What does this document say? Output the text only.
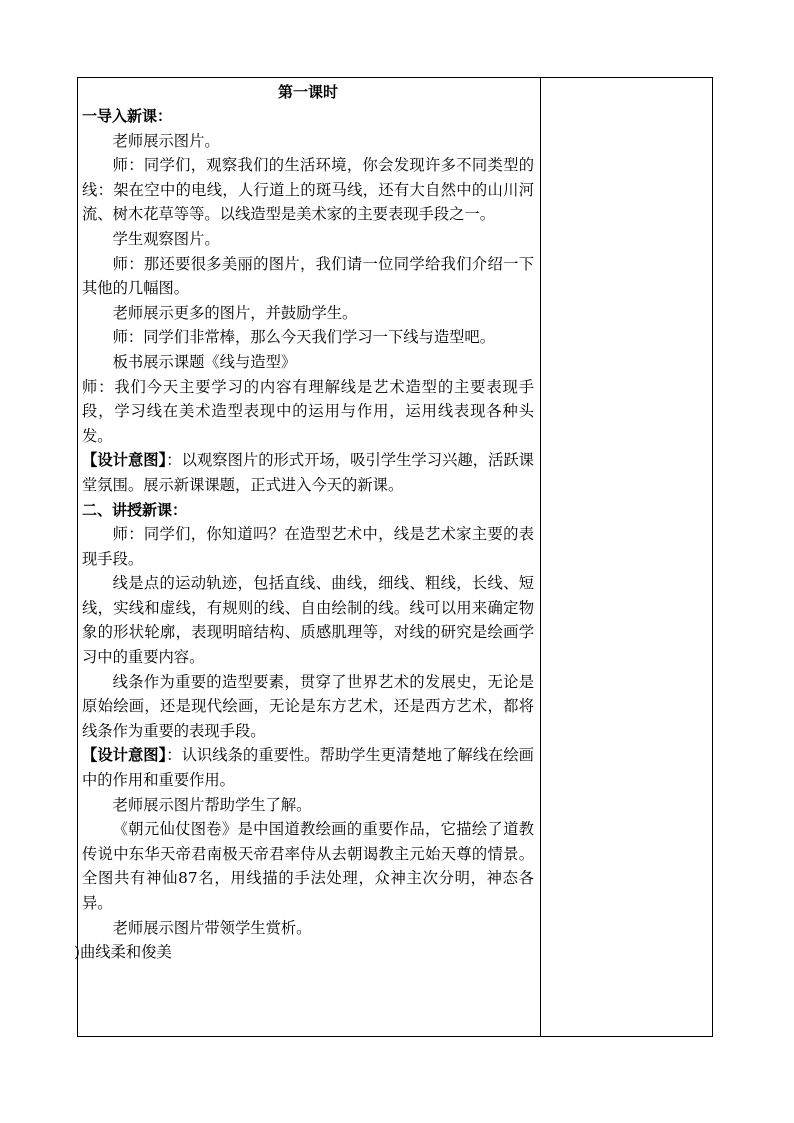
第一课时

一导入新课：

老师展示图片。

师：同学们，观察我们的生活环境，你会发现许多不同类型的线：架在空中的电线，人行道上的斑马线，还有大自然中的山川河流、树木花草等等。以线造型是美术家的主要表现手段之一。

学生观察图片。

师：那还要很多美丽的图片，我们请一位同学给我们介绍一下其他的几幅图。

老师展示更多的图片，并鼓励学生。

师：同学们非常棒，那么今天我们学习一下线与造型吧。

板书展示课题《线与造型》

师：我们今天主要学习的内容有理解线是艺术造型的主要表现手段，学习线在美术造型表现中的运用与作用，运用线表现各种头发。

【设计意图】：以观察图片的形式开场，吸引学生学习兴趣，活跃课堂氛围。展示新课课题，正式进入今天的新课。

二、讲授新课：

师：同学们，你知道吗？在造型艺术中，线是艺术家主要的表现手段。

线是点的运动轨迹，包括直线、曲线，细线、粗线，长线、短线，实线和虚线，有规则的线、自由绘制的线。线可以用来确定物象的形状轮廓，表现明暗结构、质感肌理等，对线的研究是绘画学习中的重要内容。

线条作为重要的造型要素，贯穿了世界艺术的发展史，无论是原始绘画，还是现代绘画，无论是东方艺术，还是西方艺术，都将线条作为重要的表现手段。

【设计意图】：认识线条的重要性。帮助学生更清楚地了解线在绘画中的作用和重要作用。

老师展示图片帮助学生了解。

《朝元仙仗图卷》是中国道教绘画的重要作品，它描绘了道教传说中东华天帝君南极天帝君率侍从去朝谒教主元始天尊的情景。全图共有神仙87名，用线描的手法处理，众神主次分明，神态各异。

老师展示图片带领学生赏析。

)曲线柔和俊美
